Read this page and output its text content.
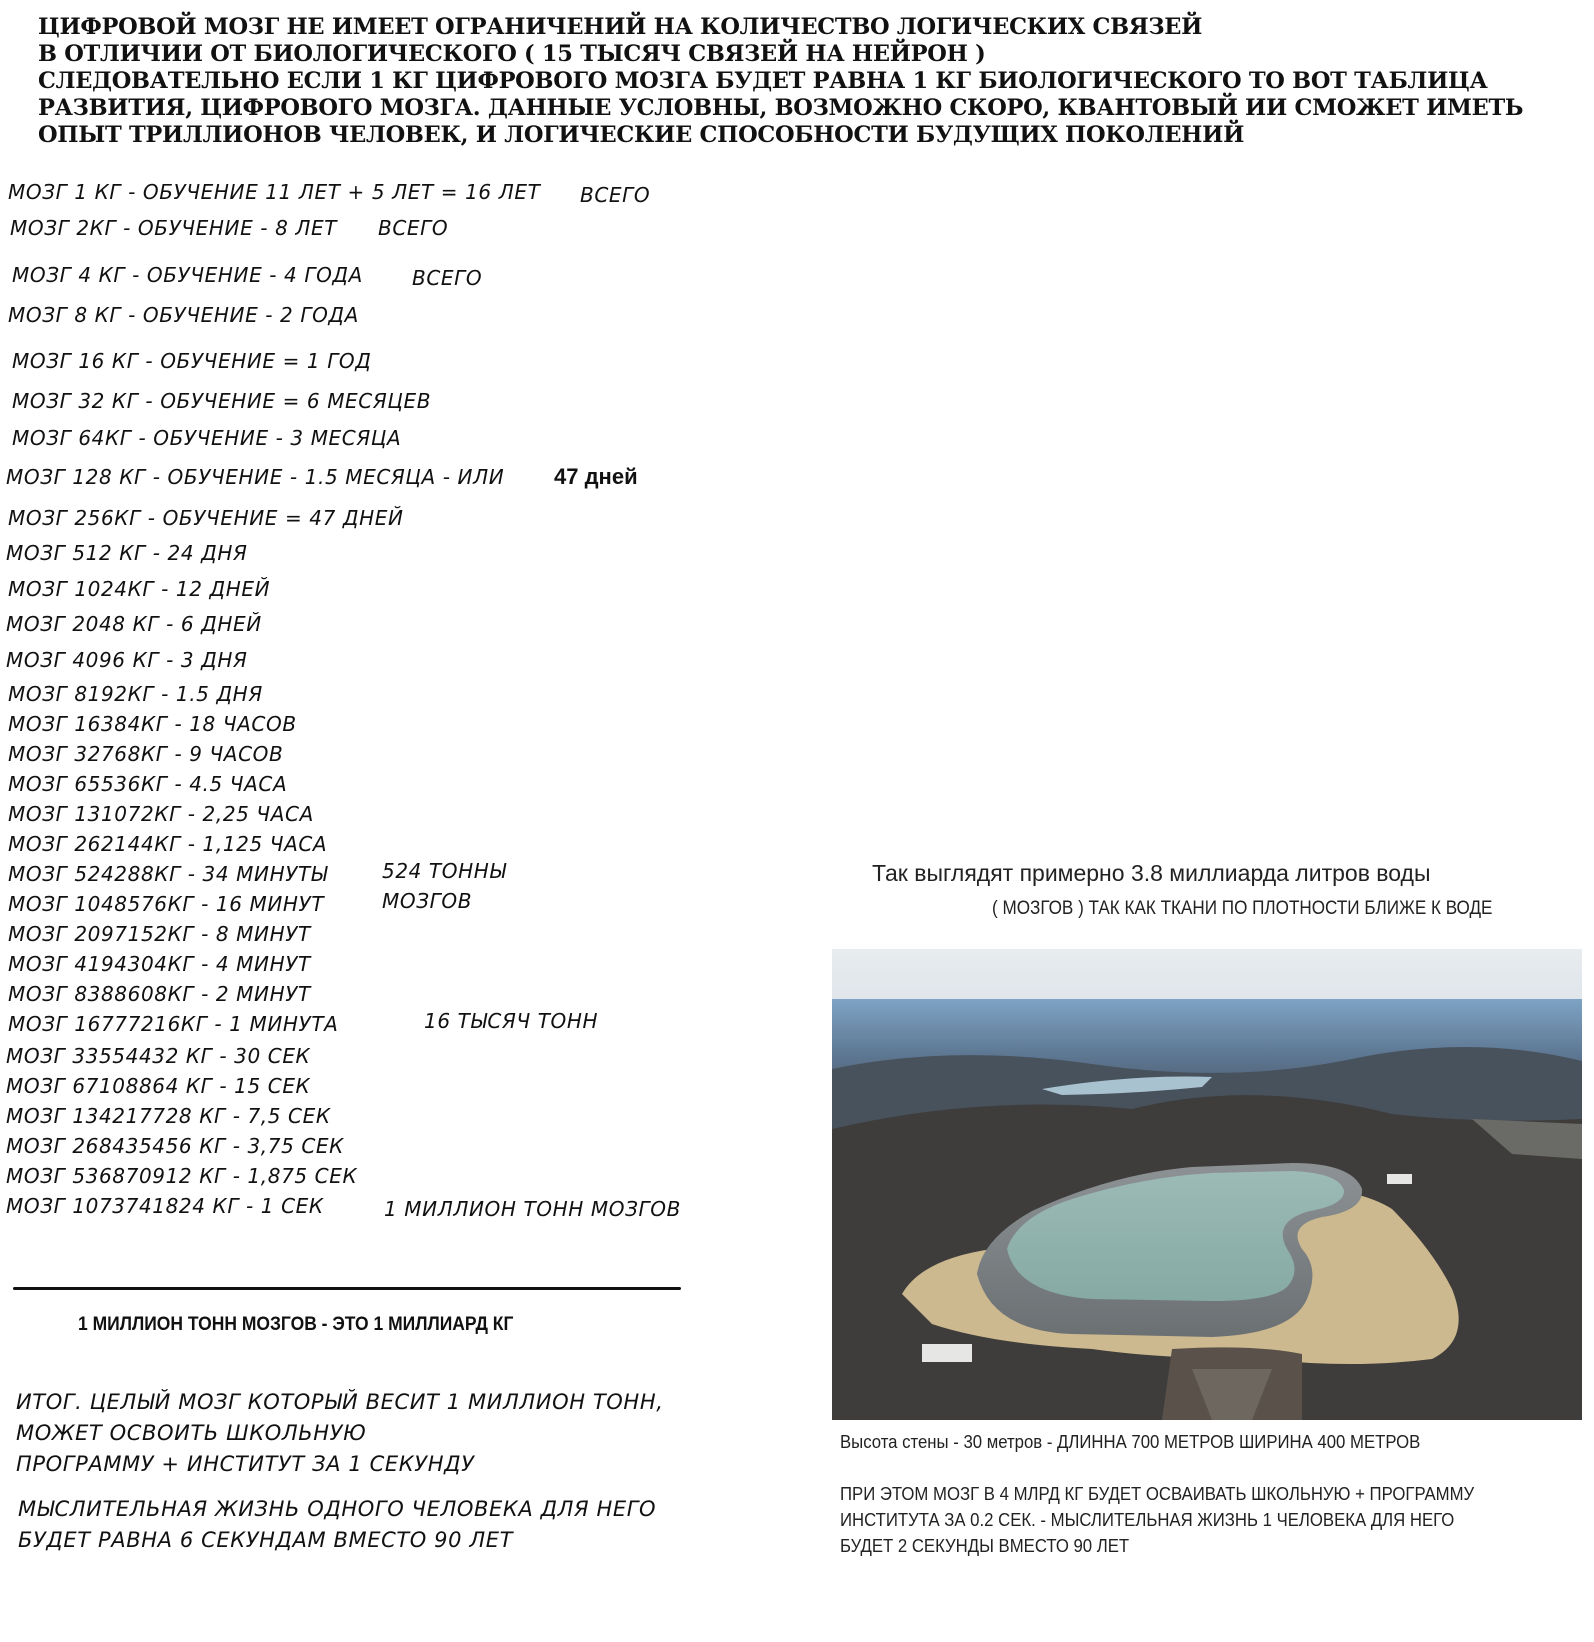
ЦИФРОВОЙ МОЗГ НЕ ИМЕЕТ ОГРАНИЧЕНИЙ НА КОЛИЧЕСТВО ЛОГИЧЕСКИХ СВЯЗЕЙ
В ОТЛИЧИИ ОТ БИОЛОГИЧЕСКОГО ( 15 ТЫСЯЧ СВЯЗЕЙ НА НЕЙРОН )
СЛЕДОВАТЕЛЬНО ЕСЛИ 1 КГ ЦИФРОВОГО МОЗГА БУДЕТ РАВНА 1 КГ БИОЛОГИЧЕСКОГО ТО ВОТ ТАБЛИЦА
РАЗВИТИЯ, ЦИФРОВОГО МОЗГА. ДАННЫЕ УСЛОВНЫ, ВОЗМОЖНО СКОРО, КВАНТОВЫЙ ИИ СМОЖЕТ ИМЕТЬ
ОПЫТ ТРИЛЛИОНОВ ЧЕЛОВЕК, И ЛОГИЧЕСКИЕ СПОСОБНОСТИ БУДУЩИХ ПОКОЛЕНИЙ
МОЗГ 1 КГ - ОБУЧЕНИЕ 11 ЛЕТ + 5 ЛЕТ = 16 ЛЕТ ВСЕГО
МОЗГ 2КГ - ОБУЧЕНИЕ - 8 ЛЕТ ВСЕГО
МОЗГ 4 КГ - ОБУЧЕНИЕ - 4 ГОДА ВСЕГО
МОЗГ 8 КГ - ОБУЧЕНИЕ - 2 ГОДА
МОЗГ 16 КГ - ОБУЧЕНИЕ = 1 ГОД
МОЗГ 32 КГ - ОБУЧЕНИЕ = 6 МЕСЯЦЕВ
МОЗГ 64КГ - ОБУЧЕНИЕ - 3 МЕСЯЦА
МОЗГ 128 КГ - ОБУЧЕНИЕ - 1.5 МЕСЯЦА - ИЛИ 47 дней
МОЗГ 256КГ - ОБУЧЕНИЕ = 47 ДНЕЙ
МОЗГ 512 КГ - 24 ДНЯ
МОЗГ 1024КГ - 12 ДНЕЙ
МОЗГ 2048 КГ - 6 ДНЕЙ
МОЗГ 4096 КГ - 3 ДНЯ
МОЗГ 8192КГ - 1.5 ДНЯ
МОЗГ 16384КГ - 18 ЧАСОВ
МОЗГ 32768КГ - 9 ЧАСОВ
МОЗГ 65536КГ - 4.5 ЧАСА
МОЗГ 131072КГ - 2,25 ЧАСА
МОЗГ 262144КГ - 1,125 ЧАСА
МОЗГ 524288КГ - 34 МИНУТЫ	524 ТОННЫ
МОЗГ 1048576КГ - 16 МИНУТ	МОЗГОВ
МОЗГ 2097152КГ - 8 МИНУТ
МОЗГ 4194304КГ - 4 МИНУТ
МОЗГ 8388608КГ - 2 МИНУТ
МОЗГ 16777216КГ - 1 МИНУТА	16 ТЫСЯЧ ТОНН
МОЗГ 33554432 КГ - 30 СЕК
МОЗГ 67108864 КГ - 15 СЕК
МОЗГ 134217728 КГ - 7,5 СЕК
МОЗГ 268435456 КГ - 3,75 СЕК
МОЗГ 536870912 КГ - 1,875 СЕК
МОЗГ 1073741824 КГ - 1 СЕК	1 МИЛЛИОН ТОНН МОЗГОВ
1 МИЛЛИОН ТОНН МОЗГОВ - ЭТО 1 МИЛЛИАРД КГ
ИТОГ. ЦЕЛЫЙ МОЗГ КОТОРЫЙ ВЕСИТ 1 МИЛЛИОН ТОНН,
МОЖЕТ ОСВОИТЬ ШКОЛЬНУЮ
ПРОГРАММУ + ИНСТИТУТ ЗА 1 СЕКУНДУ
МЫСЛИТЕЛЬНАЯ ЖИЗНЬ ОДНОГО ЧЕЛОВЕКА ДЛЯ НЕГО
БУДЕТ РАВНА 6 СЕКУНДАМ ВМЕСТО 90 ЛЕТ
Так выглядят примерно 3.8 миллиарда литров воды
( МОЗГОВ ) ТАК КАК ТКАНИ ПО ПЛОТНОСТИ БЛИЖЕ К ВОДЕ
Высота стены - 30 метров - ДЛИННА 700 МЕТРОВ ШИРИНА 400 МЕТРОВ
ПРИ ЭТОМ МОЗГ В 4 МЛРД КГ БУДЕТ ОСВАИВАТЬ ШКОЛЬНУЮ + ПРОГРАММУ
ИНСТИТУТА ЗА 0.2 СЕК. - МЫСЛИТЕЛЬНАЯ ЖИЗНЬ 1 ЧЕЛОВЕКА ДЛЯ НЕГО
БУДЕТ 2 СЕКУНДЫ ВМЕСТО 90 ЛЕТ
